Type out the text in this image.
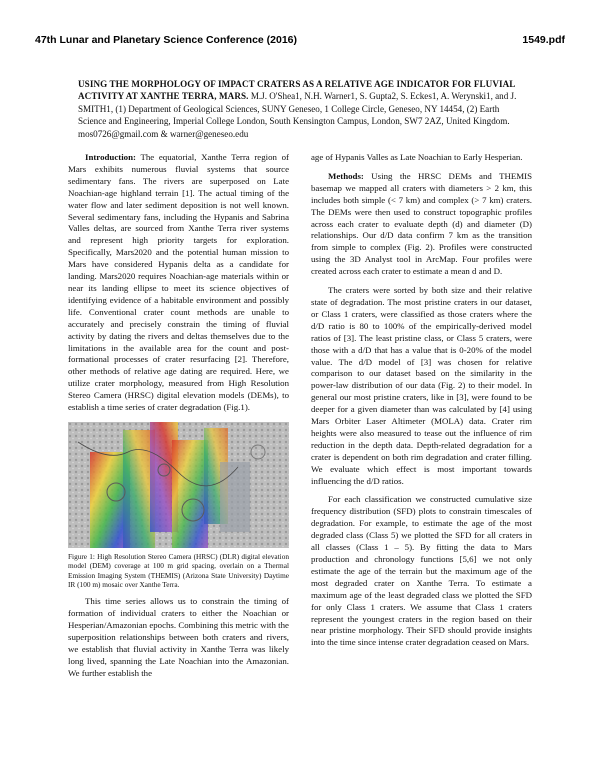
47th Lunar and Planetary Science Conference (2016)	1549.pdf
USING THE MORPHOLOGY OF IMPACT CRATERS AS A RELATIVE AGE INDICATOR FOR FLUVIAL ACTIVITY AT XANTHE TERRA, MARS. M.J. O'Shea1, N.H. Warner1, S. Gupta2, S. Eckes1, A. Werynski1, and J. SMITH1, (1) Department of Geological Sciences, SUNY Geneseo, 1 College Circle, Geneseo, NY 14454, (2) Earth Science and Engineering, Imperial College London, South Kensington Campus, London, SW7 2AZ, United Kingdom. mos0726@gmail.com & warner@geneseo.edu

Introduction: The equatorial, Xanthe Terra region of Mars exhibits numerous fluvial systems that source sedimentary fans. The rivers are superposed on Late Noachian-age highland terrain [1]. The actual timing of the water flow and later sediment deposition is not well known. Several sedimentary fans, including the Hypanis and Sabrina Valles deltas, are sourced from Xanthe Terra river systems and represent high priority targets for exploration. Specifically, Mars2020 and the potential human mission to Mars have considered Hypanis delta as a candidate for landing. Mars2020 requires Noachian-age materials within or near its landing ellipse to meet its science objectives of identifying evidence of a habitable environment and possibly life. Conventional crater count methods are unable to accurately and precisely constrain the timing of fluvial activity by dating the rivers and deltas themselves due to the limitations in the available area for the count and post-formational processes of crater resurfacing [2]. Therefore, other methods of relative age dating are required. Here, we utilize crater morphology, measured from High Resolution Stereo Camera (HRSC) digital elevation models (DEMs), to establish a time series of crater degradation (Fig.1).

Figure 1: High Resolution Stereo Camera (HRSC) (DLR) digital elevation model (DEM) coverage at 100 m grid spacing, overlain on a Thermal Emission Imaging System (THEMIS) (Arizona State University) Daytime IR (100 m) mosaic over Xanthe Terra.

This time series allows us to constrain the timing of formation of individual craters to either the Noachian or Hesperian/Amazonian epochs. Combining this metric with the superposition relationships between both craters and rivers, we establish that fluvial activity in Xanthe Terra was likely long lived, spanning the Late Noachian into the Amazonian. We further establish the

age of Hypanis Valles as Late Noachian to Early Hesperian.

Methods: Using the HRSC DEMs and THEMIS basemap we mapped all craters with diameters > 2 km, this includes both simple (< 7 km) and complex (> 7 km) craters. The DEMs were then used to construct topographic profiles across each crater to evaluate depth (d) and diameter (D) relationships. Our d/D data confirm 7 km as the transition from simple to complex (Fig. 2). Profiles were constructed using the 3D Analyst tool in ArcMap. Four profiles were created across each crater to estimate a mean d and D.

The craters were sorted by both size and their relative state of degradation. The most pristine craters in our dataset, or Class 1 craters, were classified as those craters where the d/D ratio is 80 to 100% of the empirically-derived model ratios of [3]. The least pristine class, or Class 5 craters, were those with a d/D that has a value that is 0-20% of the model value. The d/D model of [3] was chosen for relative comparison to our dataset based on the similarity in the power-law distribution of our data (Fig. 2) to their model. In general our most pristine craters, like in [3], were found to be deeper for a given diameter than was calculated by [4] using Mars Orbiter Laser Altimeter (MOLA) data. Crater rim heights were also measured to tease out the influence of rim reduction in the depth data. Depth-related degradation for a crater is dependent on both rim degradation and crater filling. We evaluate which effect is most important towards influencing the d/D ratios.

For each classification we constructed cumulative size frequency distribution (SFD) plots to constrain timescales of degradation. For example, to estimate the age of the most degraded class (Class 5) we plotted the SFD for all craters in all classes (Class 1 – 5). By fitting the data to Mars production and chronology functions [5,6] we not only estimate the age of the terrain but the maximum age of the most degraded crater on Xanthe Terra. To estimate a maximum age of the least degraded class we plotted the SFD for only Class 1 craters. We assume that Class 1 craters represent the youngest craters in the region based on their near pristine morphology. Their SFD should provide insights into the time since intense crater degradation ceased on Mars.
